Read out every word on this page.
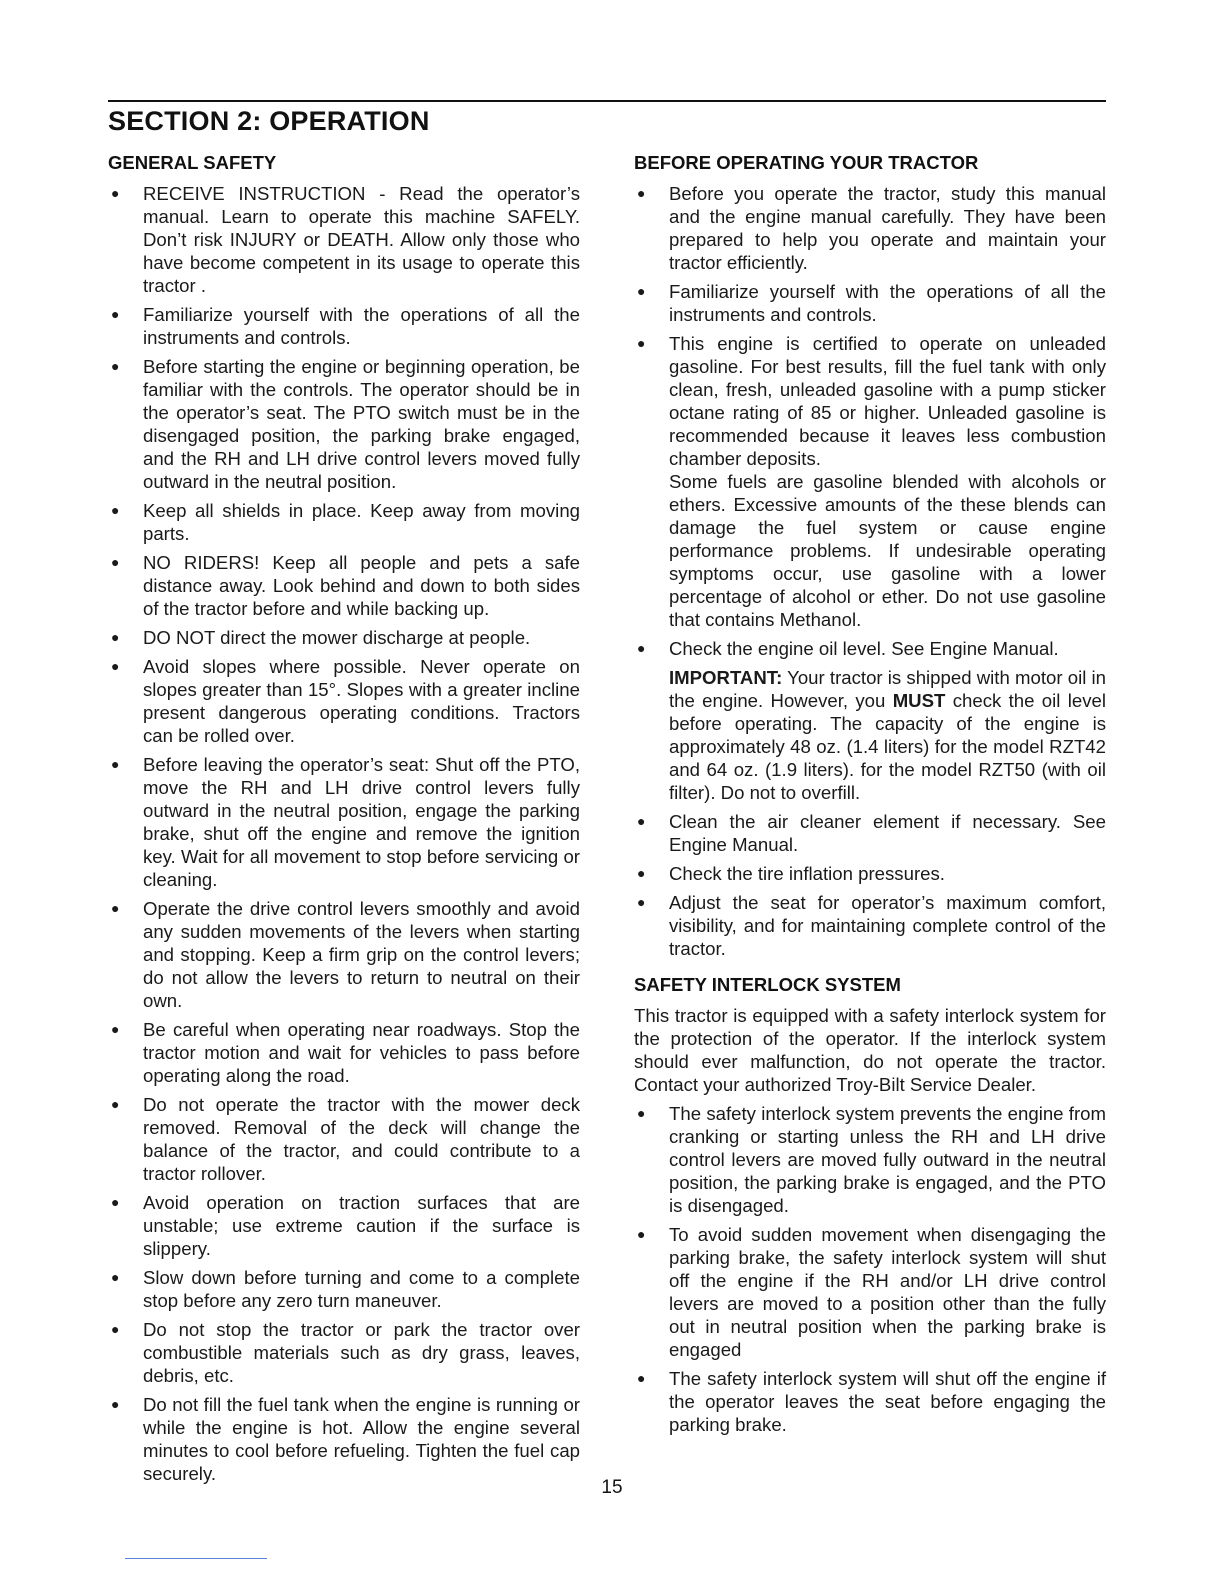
SECTION 2: OPERATION
GENERAL SAFETY
● RECEIVE INSTRUCTION - Read the operator’s manual. Learn to operate this machine SAFELY. Don’t risk INJURY or DEATH. Allow only those who have become competent in its usage to operate this tractor .
● Familiarize yourself with the operations of all the instruments and controls.
● Before starting the engine or beginning operation, be familiar with the controls. The operator should be in the operator’s seat. The PTO switch must be in the disengaged position, the parking brake engaged, and the RH and LH drive control levers moved fully outward in the neutral position.
● Keep all shields in place. Keep away from moving parts.
● NO RIDERS! Keep all people and pets a safe distance away. Look behind and down to both sides of the tractor before and while backing up.
● DO NOT direct the mower discharge at people.
● Avoid slopes where possible. Never operate on slopes greater than 15°. Slopes with a greater incline present dangerous operating conditions. Tractors can be rolled over.
● Before leaving the operator’s seat: Shut off the PTO, move the RH and LH drive control levers fully outward in the neutral position, engage the parking brake, shut off the engine and remove the ignition key. Wait for all movement to stop before servicing or cleaning.
● Operate the drive control levers smoothly and avoid any sudden movements of the levers when starting and stopping. Keep a firm grip on the control levers; do not allow the levers to return to neutral on their own.
● Be careful when operating near roadways. Stop the tractor motion and wait for vehicles to pass before operating along the road.
● Do not operate the tractor with the mower deck removed. Removal of the deck will change the balance of the tractor, and could contribute to a tractor rollover.
● Avoid operation on traction surfaces that are unstable; use extreme caution if the surface is slippery.
● Slow down before turning and come to a complete stop before any zero turn maneuver.
● Do not stop the tractor or park the tractor over combustible materials such as dry grass, leaves, debris, etc.
● Do not fill the fuel tank when the engine is running or while the engine is hot. Allow the engine several minutes to cool before refueling. Tighten the fuel cap securely.
BEFORE OPERATING YOUR TRACTOR
● Before you operate the tractor, study this manual and the engine manual carefully. They have been prepared to help you operate and maintain your tractor efficiently.
● Familiarize yourself with the operations of all the instruments and controls.
● This engine is certified to operate on unleaded gasoline. For best results, fill the fuel tank with only clean, fresh, unleaded gasoline with a pump sticker octane rating of 85 or higher. Unleaded gasoline is recommended because it leaves less combustion chamber deposits.
Some fuels are gasoline blended with alcohols or ethers. Excessive amounts of the these blends can damage the fuel system or cause engine performance problems. If undesirable operating symptoms occur, use gasoline with a lower percentage of alcohol or ether. Do not use gasoline that contains Methanol.
● Check the engine oil level. See Engine Manual.
IMPORTANT: Your tractor is shipped with motor oil in the engine. However, you MUST check the oil level before operating. The capacity of the engine is approximately 48 oz. (1.4 liters) for the model RZT42 and 64 oz. (1.9 liters). for the model RZT50 (with oil filter). Do not to overfill.
● Clean the air cleaner element if necessary. See Engine Manual.
● Check the tire inflation pressures.
● Adjust the seat for operator’s maximum comfort, visibility, and for maintaining complete control of the tractor.
SAFETY INTERLOCK SYSTEM

This tractor is equipped with a safety interlock system for the protection of the operator. If the interlock system should ever malfunction, do not operate the tractor. Contact your authorized Troy-Bilt Service Dealer.

● The safety interlock system prevents the engine from cranking or starting unless the RH and LH drive control levers are moved fully outward in the neutral position, the parking brake is engaged, and the PTO is disengaged.
● To avoid sudden movement when disengaging the parking brake, the safety interlock system will shut off the engine if the RH and/or LH drive control levers are moved to a position other than the fully out in neutral position when the parking brake is engaged
● The safety interlock system will shut off the engine if the operator leaves the seat before engaging the parking brake.
15
